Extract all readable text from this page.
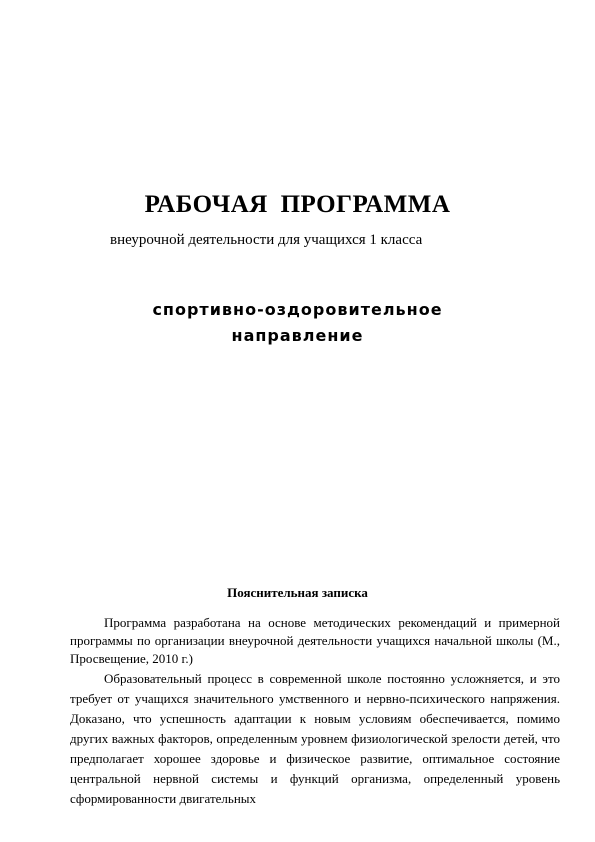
РАБОЧАЯ ПРОГРАММА

внеурочной деятельности для учащихся 1 класса

спортивно-оздоровительное
направление
Пояснительная записка

Программа разработана на основе методических рекомендаций и примерной программы по организации внеурочной деятельности учащихся начальной школы (М., Просвещение, 2010 г.)

Образовательный процесс в современной школе постоянно усложняется, и это требует от учащихся значительного умственного и нервно-психического напряжения. Доказано, что успешность адаптации к новым условиям обеспечивается, помимо других важных факторов, определенным уровнем физиологической зрелости детей, что предполагает хорошее здоровье и физическое развитие, оптимальное состояние центральной нервной системы и функций организма, определенный уровень сформированности двигательных
